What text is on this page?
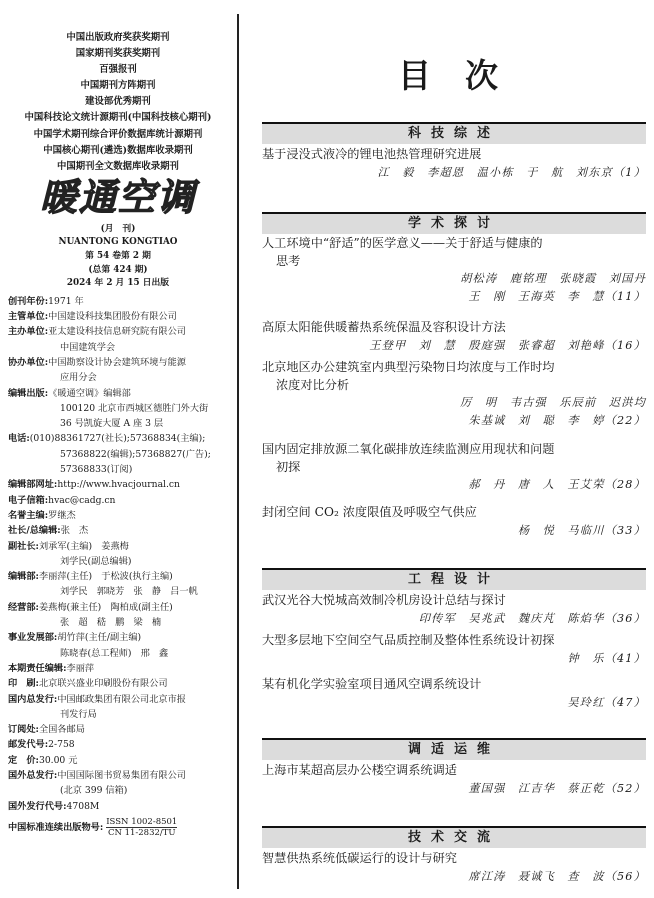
中国出版政府奖获奖期刊
国家期刊奖获奖期刊
百强报刊
中国期刊方阵期刊
建设部优秀期刊
中国科技论文统计源期刊(中国科技核心期刊)
中国学术期刊综合评价数据库统计源期刊
中国核心期刊(遴选)数据库收录期刊
中国期刊全文数据库收录期刊
暖通空调
(月　刊)
NUANTONG KONGTIAO
第 54 卷第 2 期
(总第 424 期)
2024 年 2 月 15 日出版
创刊年份:1971 年
主管单位:中国建设科技集团股份有限公司
主办单位:亚太建设科技信息研究院有限公司
中国建筑学会
协办单位:中国勘察设计协会建筑环境与能源
应用分会
编辑出版:《暖通空调》编辑部
100120 北京市西城区德胜门外大街
36 号凯旋大厦 A 座 3 层
电话:(010)88361727(社长);57368834(主编);
57368822(编辑);57368827(广告);
57368833(订阅)
编辑部网址:http://www.hvacjournal.cn
电子信箱:hvac@cadg.cn
名誉主编:罗继杰
社长/总编辑:张　杰
副社长:刘承军(主编)　姜燕梅
刘学民(副总编辑)
编辑部:李丽萍(主任)　于松波(执行主编)
刘学民　郭晓芳　张　静　吕一帆
经营部:姜燕梅(兼主任)　陶柏成(副主任)
张　超　嵇　鹏　梁　楠
事业发展部:胡竹萍(主任/副主编)
陈晓春(总工程师)　邢　鑫
本期责任编辑:李丽萍
印　刷:北京联兴盛业印刷股份有限公司
国内总发行:中国邮政集团有限公司北京市报
刊发行局
订阅处:全国各邮局
邮发代号:2-758
定　价:30.00 元
国外总发行:中国国际图书贸易集团有限公司
(北京 399 信箱)
国外发行代号:4708M
中国标准连续出版物号: ISSN 1002-8501
CN 11-2832/TU
目次
科技综述
基于浸没式液冷的锂电池热管理研究进展
江　毅　李超恩　温小栋　于　航　刘东京（1）
学术探讨
人工环境中“舒适”的医学意义——关于舒适与健康的
思考
胡松涛　鹿铭理　张晓霞　刘国丹
王　刚　王海英　李　慧（11）
高原太阳能供暖蓄热系统保温及容积设计方法
王登甲　刘　慧　殷庭强　张睿超　刘艳峰（16）
北京地区办公建筑室内典型污染物日均浓度与工作时均
浓度对比分析
厉　明　韦古强　乐辰前　迟洪均
朱基诚　刘　聪　李　婷（22）
国内固定排放源二氧化碳排放连续监测应用现状和问题
初探
郝　丹　唐　人　王艾荣（28）
封闭空间 CO₂ 浓度限值及呼吸空气供应
杨　悦　马临川（33）
工程设计
武汉光谷大悦城高效制冷机房设计总结与探讨
印传军　吴兆武　魏庆芃　陈焰华（36）
大型多层地下空间空气品质控制及整体性系统设计初探
钟　乐（41）
某有机化学实验室项目通风空调系统设计
吴玲红（47）
调适运维
上海市某超高层办公楼空调系统调适
董国强　江吉华　蔡正乾（52）
技术交流
智慧供热系统低碳运行的设计与研究
席江涛　聂诚飞　查　波（56）
